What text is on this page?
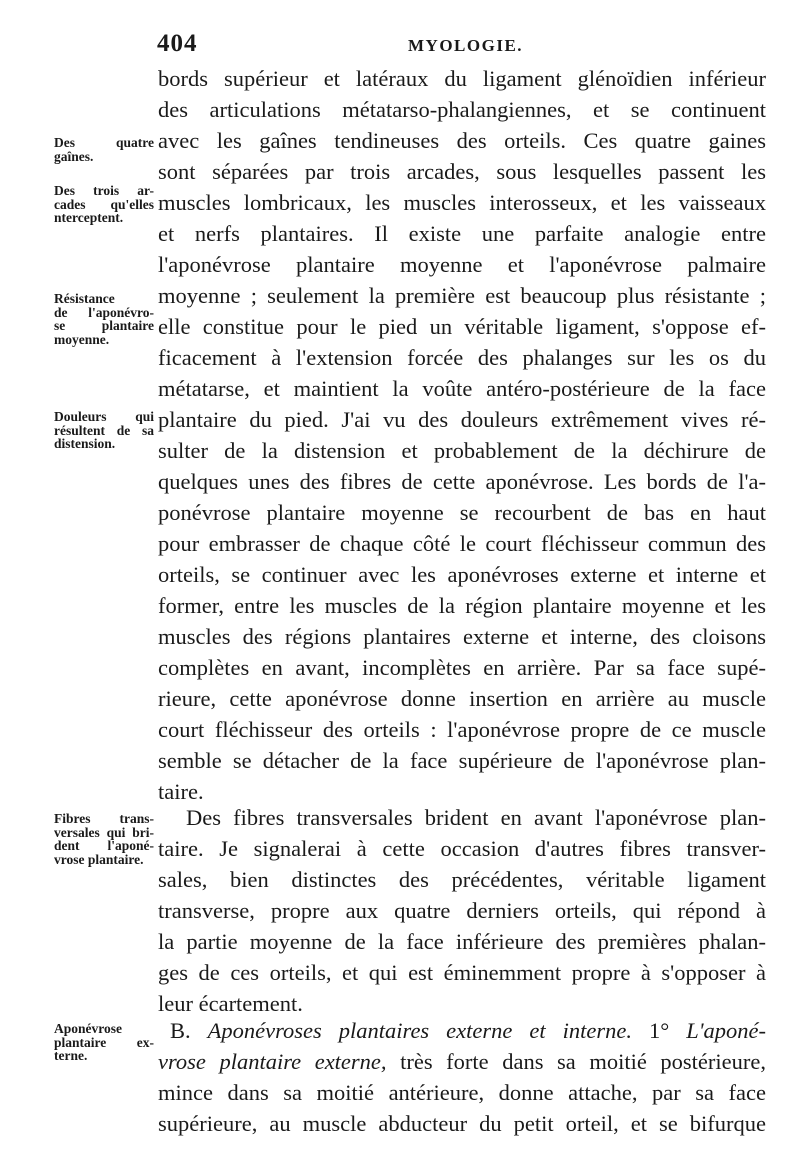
404	MYOLOGIE.
bords supérieur et latéraux du ligament glénoïdien inférieur
des articulations métatarso-phalangiennes, et se continuent
avec les gaînes tendineuses des orteils. Ces quatre gaines
sont séparées par trois arcades, sous lesquelles passent les
muscles lombricaux, les muscles interosseux, et les vaisseaux
et nerfs plantaires. Il existe une parfaite analogie entre
l'aponévrose plantaire moyenne et l'aponévrose palmaire
moyenne ; seulement la première est beaucoup plus résistante ;
elle constitue pour le pied un véritable ligament, s'oppose ef-
ficacement à l'extension forcée des phalanges sur les os du
métatarse, et maintient la voûte antéro-postérieure de la face
plantaire du pied. J'ai vu des douleurs extrêmement vives ré-
sulter de la distension et probablement de la déchirure de
quelques unes des fibres de cette aponévrose. Les bords de l'a-
ponévrose plantaire moyenne se recourbent de bas en haut
pour embrasser de chaque côté le court fléchisseur commun des
orteils, se continuer avec les aponévroses externe et interne et
former, entre les muscles de la région plantaire moyenne et les
muscles des régions plantaires externe et interne, des cloisons
complètes en avant, incomplètes en arrière. Par sa face supé-
rieure, cette aponévrose donne insertion en arrière au muscle
court fléchisseur des orteils : l'aponévrose propre de ce muscle
semble se détacher de la face supérieure de l'aponévrose plan-
taire.
Des fibres transversales brident en avant l'aponévrose plan-
taire. Je signalerai à cette occasion d'autres fibres transver-
sales, bien distinctes des précédentes, véritable ligament
transverse, propre aux quatre derniers orteils, qui répond à
la partie moyenne de la face inférieure des premières phalan-
ges de ces orteils, et qui est éminemment propre à s'opposer à
leur écartement.
B. Aponévroses plantaires externe et interne. 1° L'aponé-
vrose plantaire externe, très forte dans sa moitié postérieure,
mince dans sa moitié antérieure, donne attache, par sa face
supérieure, au muscle abducteur du petit orteil, et se bifurque
Des quatre
gaînes.
Des trois ar-
cades qu'elles
nterceptent.
Résistance
de l'aponévro-
se plantaire
moyenne.
Douleurs qui
résultent de sa
distension.
Fibres trans-
versales qui bri-
dent l'aponé-
vrose plantaire.
Aponévrose
plantaire ex-
terne.
